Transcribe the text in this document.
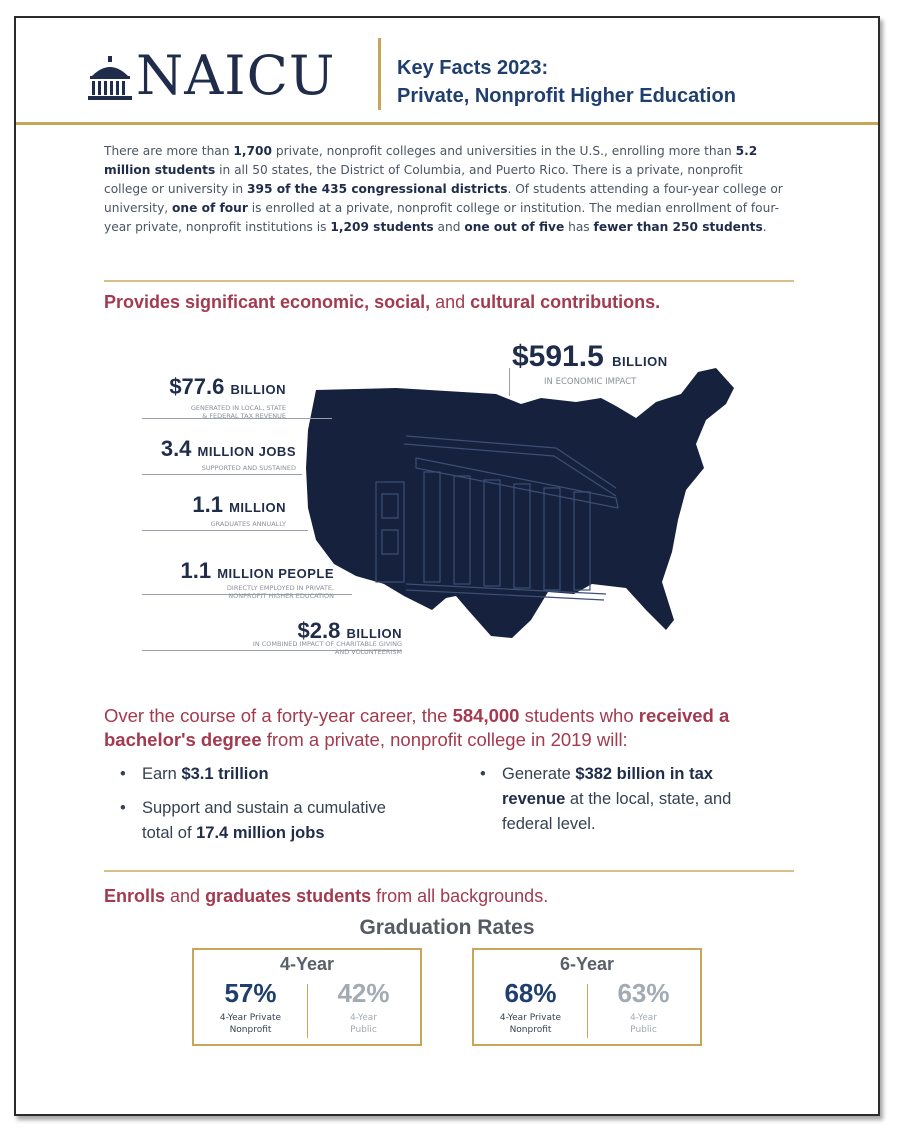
NAICU	Key Facts 2023:
Private, Nonprofit Higher Education
There are more than 1,700 private, nonprofit colleges and universities in the U.S., enrolling more than 5.2 million students in all 50 states, the District of Columbia, and Puerto Rico. There is a private, nonprofit college or university in 395 of the 435 congressional districts. Of students attending a four-year college or university, one of four is enrolled at a private, nonprofit college or institution. The median enrollment of four-year private, nonprofit institutions is 1,209 students and one out of five has fewer than 250 students.
Provides significant economic, social, and cultural contributions.
$591.5 BILLION
IN ECONOMIC IMPACT
$77.6 BILLION
GENERATED IN LOCAL, STATE
& FEDERAL TAX REVENUE
3.4 MILLION JOBS
SUPPORTED AND SUSTAINED
1.1 MILLION
GRADUATES ANNUALLY
1.1 MILLION PEOPLE
DIRECTLY EMPLOYED IN PRIVATE,
NONPROFIT HIGHER EDUCATION
$2.8 BILLION
IN COMBINED IMPACT OF CHARITABLE GIVING
AND VOLUNTEERISM
Over the course of a forty-year career, the 584,000 students who received a bachelor's degree from a private, nonprofit college in 2019 will:
• Earn $3.1 trillion
• Support and sustain a cumulative
total of 17.4 million jobs
• Generate $382 billion in tax
revenue at the local, state, and
federal level.
Enrolls and graduates students from all backgrounds.
Graduation Rates
4-Year
57%	42%
4-Year Private
Nonprofit
4-Year
Public
6-Year
68%	63%
4-Year Private
Nonprofit
4-Year
Public
